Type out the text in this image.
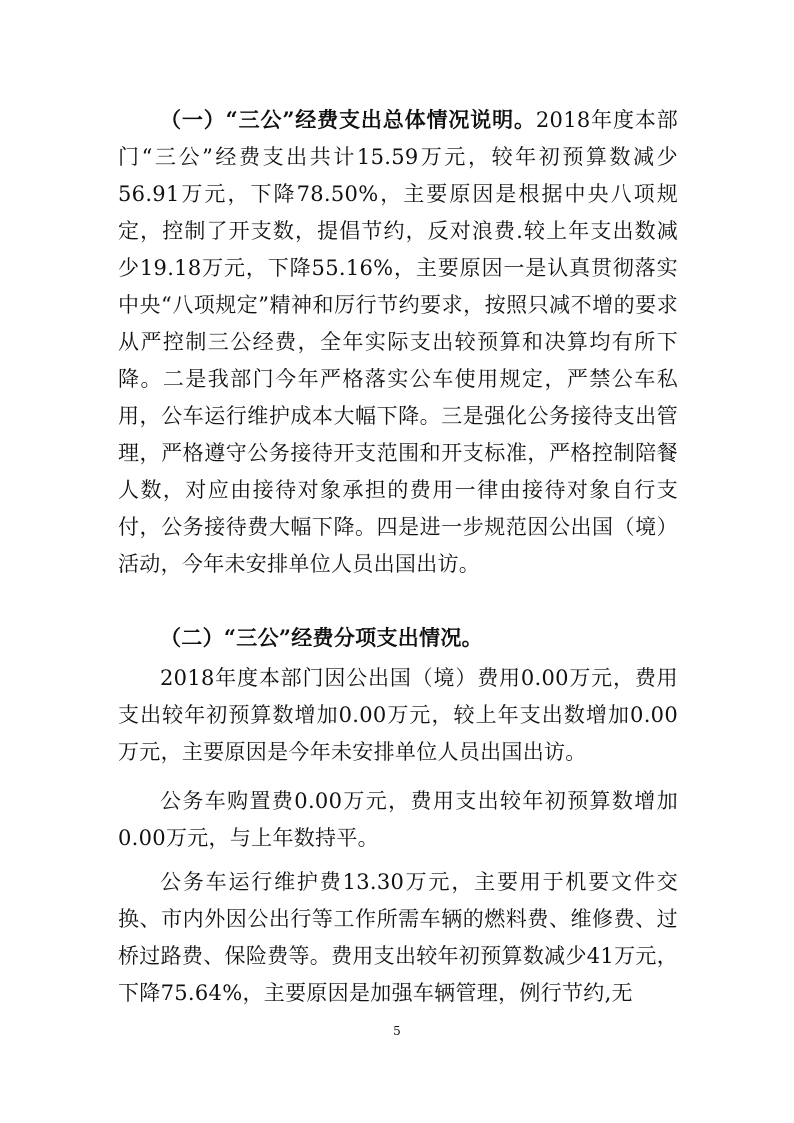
（一）“三公”经费支出总体情况说明。2018年度本部门“三公”经费支出共计15.59万元，较年初预算数减少56.91万元，下降78.50%，主要原因是根据中央八项规定，控制了开支数，提倡节约，反对浪费.较上年支出数减少19.18万元，下降55.16%，主要原因一是认真贯彻落实中央“八项规定”精神和厉行节约要求，按照只减不增的要求从严控制三公经费，全年实际支出较预算和决算均有所下降。二是我部门今年严格落实公车使用规定，严禁公车私用，公车运行维护成本大幅下降。三是强化公务接待支出管理，严格遵守公务接待开支范围和开支标准，严格控制陪餐人数，对应由接待对象承担的费用一律由接待对象自行支付，公务接待费大幅下降。四是进一步规范因公出国（境）活动，今年未安排单位人员出国出访。

（二）“三公”经费分项支出情况。

2018年度本部门因公出国（境）费用0.00万元，费用支出较年初预算数增加0.00万元，较上年支出数增加0.00万元，主要原因是今年未安排单位人员出国出访。

公务车购置费0.00万元，费用支出较年初预算数增加0.00万元，与上年数持平。

公务车运行维护费13.30万元，主要用于机要文件交换、市内外因公出行等工作所需车辆的燃料费、维修费、过桥过路费、保险费等。费用支出较年初预算数减少41万元，下降75.64%，主要原因是加强车辆管理，例行节约,无

5
